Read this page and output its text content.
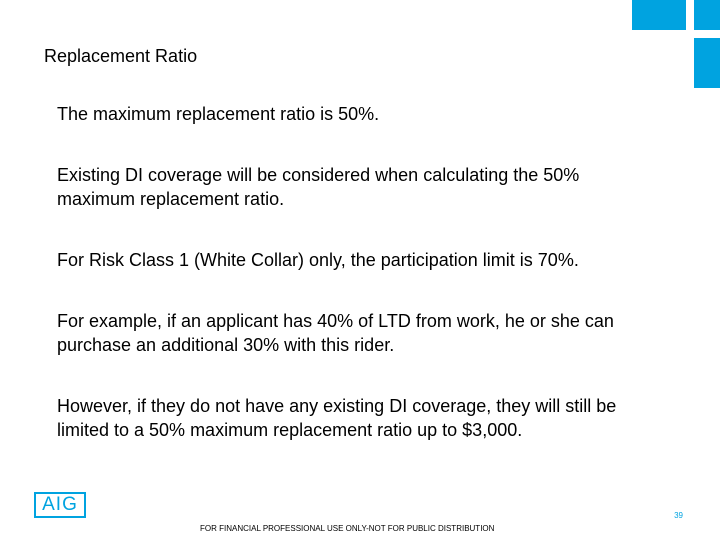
Replacement Ratio
The maximum replacement ratio is 50%.
Existing DI coverage will be considered when calculating the 50% maximum replacement ratio.
For Risk Class 1 (White Collar) only, the participation limit is 70%.
For example, if an applicant has 40% of LTD from work, he or she can purchase an additional 30% with this rider.
However, if they do not have any existing DI coverage, they will still be limited to a 50% maximum replacement ratio up to $3,000.
AIG
39
FOR FINANCIAL PROFESSIONAL USE ONLY-NOT FOR PUBLIC DISTRIBUTION
